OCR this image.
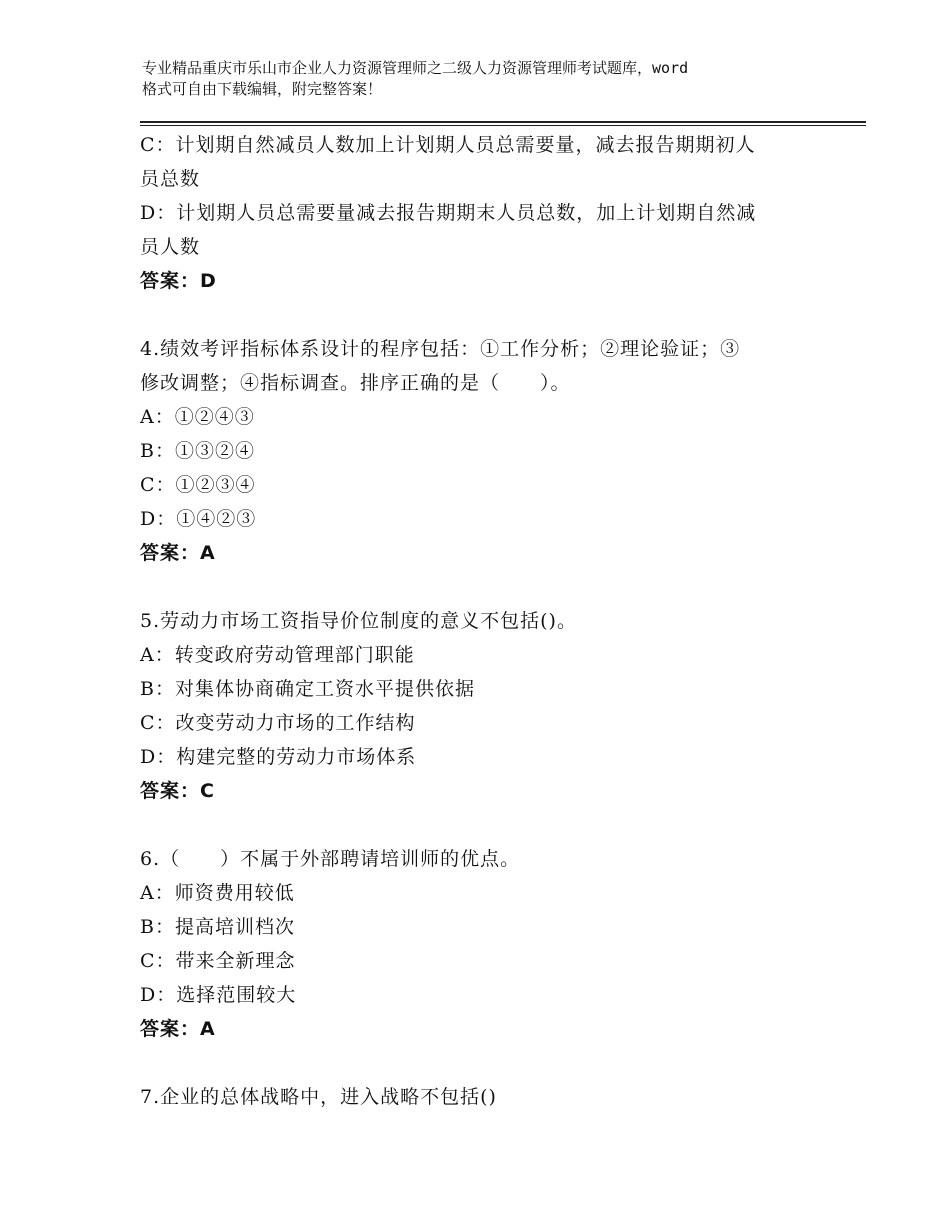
专业精品重庆市乐山市企业人力资源管理师之二级人力资源管理师考试题库，word
格式可自由下载编辑，附完整答案！
C：计划期自然减员人数加上计划期人员总需要量，减去报告期期初人
员总数
D：计划期人员总需要量减去报告期期末人员总数，加上计划期自然减
员人数
答案：D
4.绩效考评指标体系设计的程序包括：①工作分析；②理论验证；③
修改调整；④指标调查。排序正确的是（　　）。
A：①②④③
B：①③②④
C：①②③④
D：①④②③
答案：A
5.劳动力市场工资指导价位制度的意义不包括()。
A：转变政府劳动管理部门职能
B：对集体协商确定工资水平提供依据
C：改变劳动力市场的工作结构
D：构建完整的劳动力市场体系
答案：C
6.（　　）不属于外部聘请培训师的优点。
A：师资费用较低
B：提高培训档次
C：带来全新理念
D：选择范围较大
答案：A
7.企业的总体战略中，进入战略不包括()
